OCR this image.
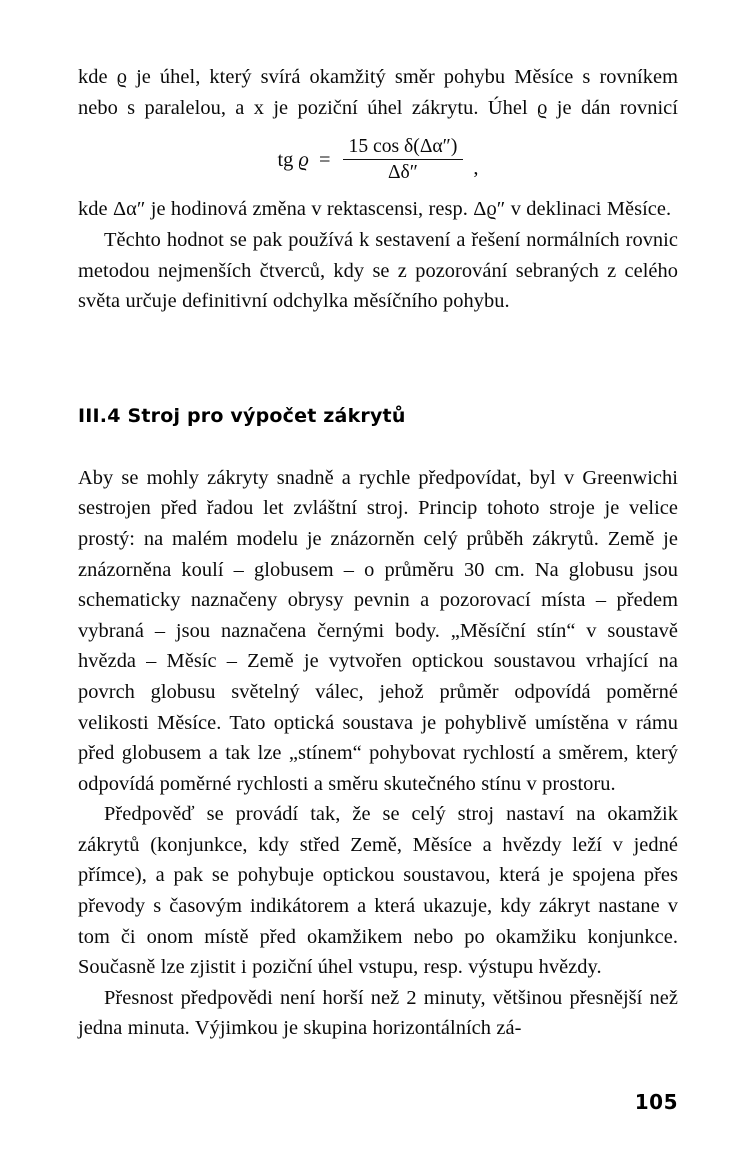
kde ϱ je úhel, který svírá okamžitý směr pohybu Měsíce s rovníkem nebo s paralelou, a x je poziční úhel zákrytu. Úhel ϱ je dán rovnicí

tg $ϱ = \frac{\text{15 cos δ(Δα″)}}{\Delta\delta''}$ ,

kde Δα″ je hodinová změna v rektascensi, resp. Δϱ″ v deklinaci Měsíce.

Těchto hodnot se pak používá k sestavení a řešení normálních rovnic metodou nejmenších čtverců, kdy se z pozorování sebraných z celého světa určuje definitivní odchylka měsíčního pohybu.

III.4 Stroj pro výpočet zákrytů

Aby se mohly zákryty snadně a rychle předpovídat, byl v Greenwichi sestrojen před řadou let zvláštní stroj. Princip tohoto stroje je velice prostý: na malém modelu je znázorněn celý průběh zákrytů. Země je znázorněna koulí – globusem – o průměru 30 cm. Na globusu jsou schematicky naznačeny obrysy pevnin a pozorovací místa – předem vybraná – jsou naznačena černými body. „Měsíční stín“ v soustavě hvězda – Měsíc – Země je vytvořen optickou soustavou vrhající na povrch globusu světelný válec, jehož průměr odpovídá poměrné velikosti Měsíce. Tato optická soustava je pohyblivě umístěna v rámu před globusem a tak lze „stínem“ pohybovat rychlostí a směrem, který odpovídá poměrné rychlosti a směru skutečného stínu v prostoru.

Předpověď se provádí tak, že se celý stroj nastaví na okamžik zákrytů (konjunkce, kdy střed Země, Měsíce a hvězdy leží v jedné přímce), a pak se pohybuje optickou soustavou, která je spojena přes převody s časovým indikátorem a která ukazuje, kdy zákryt nastane v tom či onom místě před okamžikem nebo po okamžiku konjunkce. Současně lze zjistit i poziční úhel vstupu, resp. výstupu hvězdy.

Přesnost předpovědi není horší než 2 minuty, většinou přesnější než jedna minuta. Výjimkou je skupina horizontálních zá-

105
